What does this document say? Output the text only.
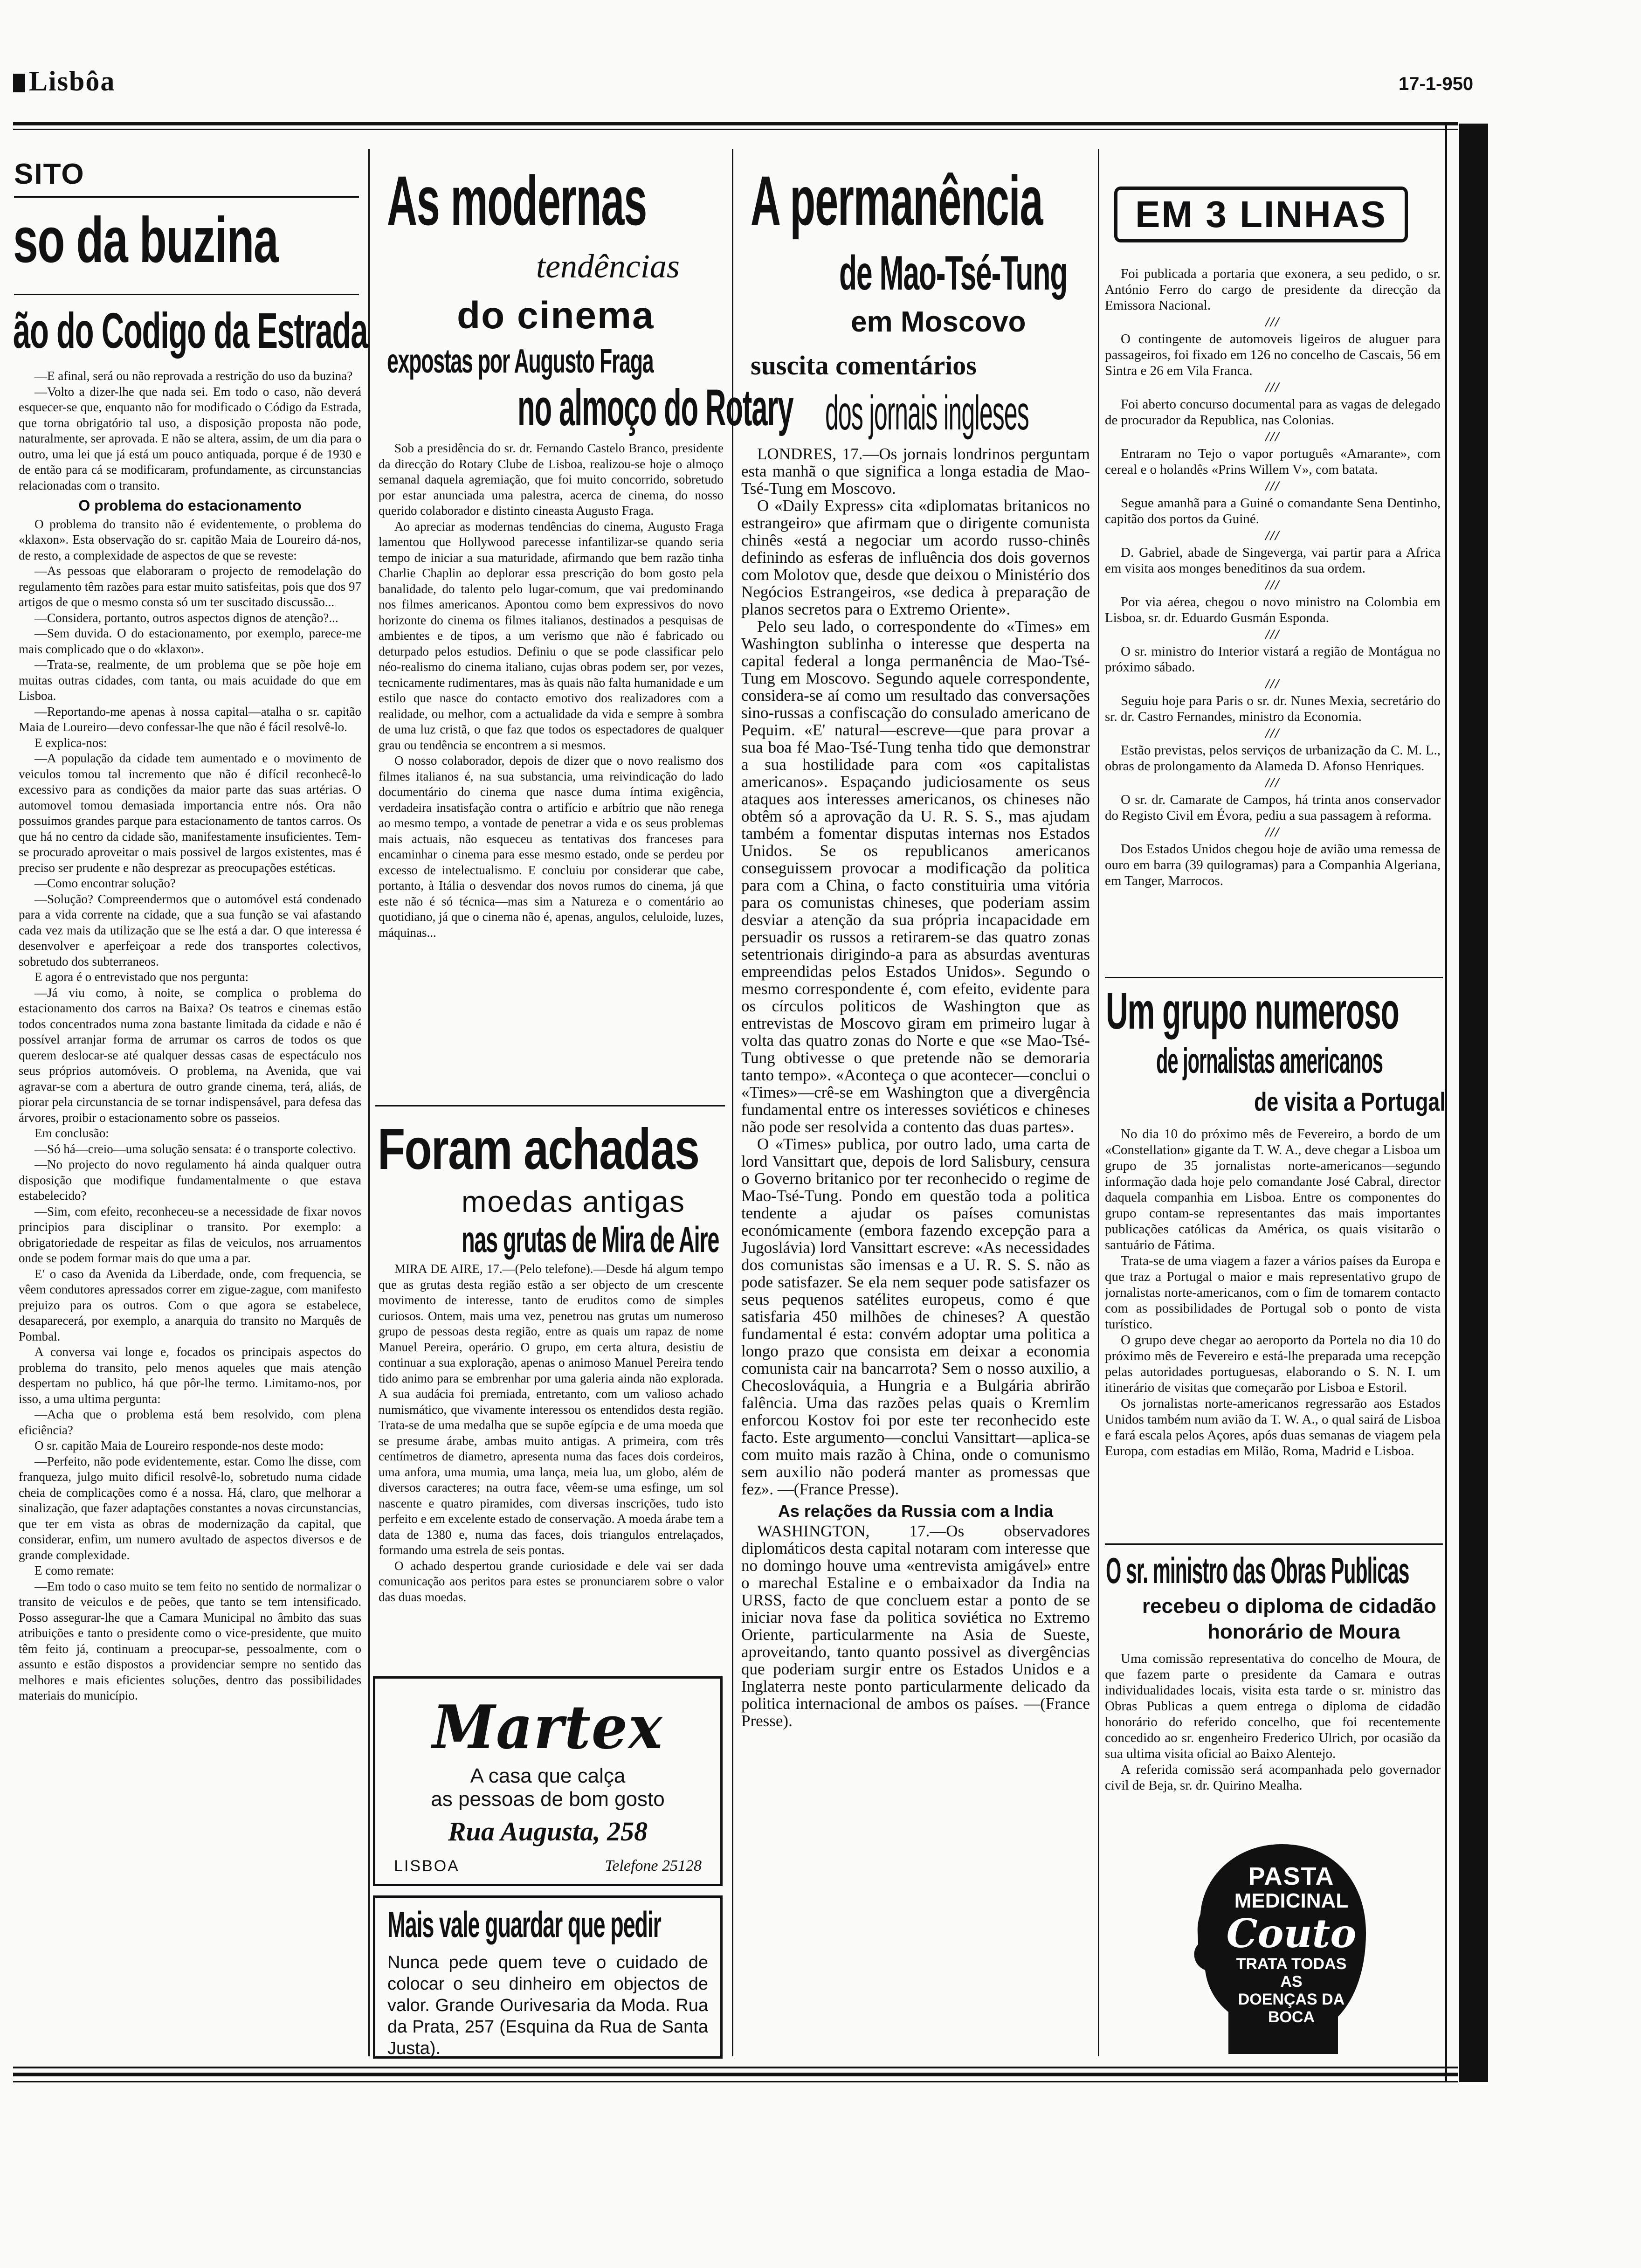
Lisbôa	17-1-950
SITO
so da buzina
ão do Codigo da Estrada

—E afinal, será ou não reprovada a restrição do uso da buzina?

—Volto a dizer-lhe que nada sei. Em todo o caso, não deverá esquecer-se que, enquanto não for modificado o Código da Estrada, que torna obrigatório tal uso, a disposição proposta não pode, naturalmente, ser aprovada. E não se altera, assim, de um dia para o outro, uma lei que já está um pouco antiquada, porque é de 1930 e de então para cá se modificaram, profundamente, as circunstancias relacionadas com o transito.

O problema do estacionamento

O problema do transito não é evidentemente, o problema do «klaxon». Esta observação do sr. capitão Maia de Loureiro dá-nos, de resto, a complexidade de aspectos de que se reveste:

—As pessoas que elaboraram o projecto de remodelação do regulamento têm razões para estar muito satisfeitas, pois que dos 97 artigos de que o mesmo consta só um ter suscitado discussão...

—Considera, portanto, outros aspectos dignos de atenção?...

—Sem duvida. O do estacionamento, por exemplo, parece-me mais complicado que o do «klaxon».

—Trata-se, realmente, de um problema que se põe hoje em muitas outras cidades, com tanta, ou mais acuidade do que em Lisboa.

—Reportando-me apenas à nossa capital—atalha o sr. capitão Maia de Loureiro—devo confessar-lhe que não é fácil resolvê-lo.

E explica-nos:

—A população da cidade tem aumentado e o movimento de veiculos tomou tal incremento que não é difícil reconhecê-lo excessivo para as condições da maior parte das suas artérias. O automovel tomou demasiada importancia entre nós. Ora não possuimos grandes parque para estacionamento de tantos carros. Os que há no centro da cidade são, manifestamente insuficientes. Tem-se procurado aproveitar o mais possivel de largos existentes, mas é preciso ser prudente e não desprezar as preocupações estéticas.

—Como encontrar solução?

—Solução? Compreendermos que o automóvel está condenado para a vida corrente na cidade, que a sua função se vai afastando cada vez mais da utilização que se lhe está a dar. O que interessa é desenvolver e aperfeiçoar a rede dos transportes colectivos, sobretudo dos subterraneos.

E agora é o entrevistado que nos pergunta:

—Já viu como, à noite, se complica o problema do estacionamento dos carros na Baixa? Os teatros e cinemas estão todos concentrados numa zona bastante limitada da cidade e não é possível arranjar forma de arrumar os carros de todos os que querem deslocar-se até qualquer dessas casas de espectáculo nos seus próprios automóveis. O problema, na Avenida, que vai agravar-se com a abertura de outro grande cinema, terá, aliás, de piorar pela circunstancia de se tornar indispensável, para defesa das árvores, proibir o estacionamento sobre os passeios.

Em conclusão:

—Só há—creio—uma solução sensata: é o transporte colectivo.

—No projecto do novo regulamento há ainda qualquer outra disposição que modifique fundamentalmente o que estava estabelecido?

—Sim, com efeito, reconheceu-se a necessidade de fixar novos principios para disciplinar o transito. Por exemplo: a obrigatoriedade de respeitar as filas de veiculos, nos arruamentos onde se podem formar mais do que uma a par.

E' o caso da Avenida da Liberdade, onde, com frequencia, se vêem condutores apressados correr em zigue-zague, com manifesto prejuizo para os outros. Com o que agora se estabelece, desaparecerá, por exemplo, a anarquia do transito no Marquês de Pombal.

A conversa vai longe e, focados os principais aspectos do problema do transito, pelo menos aqueles que mais atenção despertam no publico, há que pôr-lhe termo. Limitamo-nos, por isso, a uma ultima pergunta:

—Acha que o problema está bem resolvido, com plena eficiência?

O sr. capitão Maia de Loureiro responde-nos deste modo:

—Perfeito, não pode evidentemente, estar. Como lhe disse, com franqueza, julgo muito dificil resolvê-lo, sobretudo numa cidade cheia de complicações como é a nossa. Há, claro, que melhorar a sinalização, que fazer adaptações constantes a novas circunstancias, que ter em vista as obras de modernização da capital, que considerar, enfim, um numero avultado de aspectos diversos e de grande complexidade.

E como remate:

—Em todo o caso muito se tem feito no sentido de normalizar o transito de veiculos e de peões, que tanto se tem intensificado. Posso assegurar-lhe que a Camara Municipal no âmbito das suas atribuições e tanto o presidente como o vice-presidente, que muito têm feito já, continuam a preocupar-se, pessoalmente, com o assunto e estão dispostos a providenciar sempre no sentido das melhores e mais eficientes soluções, dentro das possibilidades materiais do município.

As modernas
tendências
do cinema
expostas por Augusto Fraga
no almoço do Rotary

Sob a presidência do sr. dr. Fernando Castelo Branco, presidente da direcção do Rotary Clube de Lisboa, realizou-se hoje o almoço semanal daquela agremiação, que foi muito concorrido, sobretudo por estar anunciada uma palestra, acerca de cinema, do nosso querido colaborador e distinto cineasta Augusto Fraga.

Ao apreciar as modernas tendências do cinema, Augusto Fraga lamentou que Hollywood parecesse infantilizar-se quando seria tempo de iniciar a sua maturidade, afirmando que bem razão tinha Charlie Chaplin ao deplorar essa prescrição do bom gosto pela banalidade, do talento pelo lugar-comum, que vai predominando nos filmes americanos. Apontou como bem expressivos do novo horizonte do cinema os filmes italianos, destinados a pesquisas de ambientes e de tipos, a um verismo que não é fabricado ou deturpado pelos estudios. Definiu o que se pode classificar pelo néo-realismo do cinema italiano, cujas obras podem ser, por vezes, tecnicamente rudimentares, mas às quais não falta humanidade e um estilo que nasce do contacto emotivo dos realizadores com a realidade, ou melhor, com a actualidade da vida e sempre à sombra de uma luz cristã, o que faz que todos os espectadores de qualquer grau ou tendência se encontrem a si mesmos.

O nosso colaborador, depois de dizer que o novo realismo dos filmes italianos é, na sua substancia, uma reivindicação do lado documentário do cinema que nasce duma íntima exigência, verdadeira insatisfação contra o artifício e arbítrio que não renega ao mesmo tempo, a vontade de penetrar a vida e os seus problemas mais actuais, não esqueceu as tentativas dos franceses para encaminhar o cinema para esse mesmo estado, onde se perdeu por excesso de intelectualismo. E concluiu por considerar que cabe, portanto, à Itália o desvendar dos novos rumos do cinema, já que este não é só técnica—mas sim a Natureza e o comentário ao quotidiano, já que o cinema não é, apenas, angulos, celuloide, luzes, máquinas...

Foram achadas
moedas antigas
nas grutas de Mira de Aire

MIRA DE AIRE, 17.—(Pelo telefone).—Desde há algum tempo que as grutas desta região estão a ser objecto de um crescente movimento de interesse, tanto de eruditos como de simples curiosos. Ontem, mais uma vez, penetrou nas grutas um numeroso grupo de pessoas desta região, entre as quais um rapaz de nome Manuel Pereira, operário. O grupo, em certa altura, desistiu de continuar a sua exploração, apenas o animoso Manuel Pereira tendo tido animo para se embrenhar por uma galeria ainda não explorada. A sua audácia foi premiada, entretanto, com um valioso achado numismático, que vivamente interessou os entendidos desta região. Trata-se de uma medalha que se supõe egípcia e de uma moeda que se presume árabe, ambas muito antigas. A primeira, com três centímetros de diametro, apresenta numa das faces dois cordeiros, uma anfora, uma mumia, uma lança, meia lua, um globo, além de diversos caracteres; na outra face, vêem-se uma esfinge, um sol nascente e quatro piramides, com diversas inscrições, tudo isto perfeito e em excelente estado de conservação. A moeda árabe tem a data de 1380 e, numa das faces, dois triangulos entrelaçados, formando uma estrela de seis pontas.

O achado despertou grande curiosidade e dele vai ser dada comunicação aos peritos para estes se pronunciarem sobre o valor das duas moedas.

Martex
A casa que calça
as pessoas de bom gosto
Rua Augusta, 258
LISBOA	Telefone 25128
Mais vale guardar que pedir
Nunca pede quem teve o cuidado de colocar o seu dinheiro em objectos de valor. Grande Ourivesaria da Moda. Rua da Prata, 257 (Esquina da Rua de Santa Justa).
A permanência
de Mao-Tsé-Tung
em Moscovo
suscita comentários
dos jornais ingleses

LONDRES, 17.—Os jornais londrinos perguntam esta manhã o que significa a longa estadia de Mao-Tsé-Tung em Moscovo.

O «Daily Express» cita «diplomatas britanicos no estrangeiro» que afirmam que o dirigente comunista chinês «está a negociar um acordo russo-chinês definindo as esferas de influência dos dois governos com Molotov que, desde que deixou o Ministério dos Negócios Estrangeiros, «se dedica à preparação de planos secretos para o Extremo Oriente».

Pelo seu lado, o correspondente do «Times» em Washington sublinha o interesse que desperta na capital federal a longa permanência de Mao-Tsé-Tung em Moscovo. Segundo aquele correspondente, considera-se aí como um resultado das conversações sino-russas a confiscação do consulado americano de Pequim. «E' natural—escreve—que para provar a sua boa fé Mao-Tsé-Tung tenha tido que demonstrar a sua hostilidade para com «os capitalistas americanos». Espaçando judiciosamente os seus ataques aos interesses americanos, os chineses não obtêm só a aprovação da U. R. S. S., mas ajudam também a fomentar disputas internas nos Estados Unidos. Se os republicanos americanos conseguissem provocar a modificação da politica para com a China, o facto constituiria uma vitória para os comunistas chineses, que poderiam assim desviar a atenção da sua própria incapacidade em persuadir os russos a retirarem-se das quatro zonas setentrionais dirigindo-a para as absurdas aventuras empreendidas pelos Estados Unidos». Segundo o mesmo correspondente é, com efeito, evidente para os círculos politicos de Washington que as entrevistas de Moscovo giram em primeiro lugar à volta das quatro zonas do Norte e que «se Mao-Tsé-Tung obtivesse o que pretende não se demoraria tanto tempo». «Aconteça o que acontecer—conclui o «Times»—crê-se em Washington que a divergência fundamental entre os interesses soviéticos e chineses não pode ser resolvida a contento das duas partes».

O «Times» publica, por outro lado, uma carta de lord Vansittart que, depois de lord Salisbury, censura o Governo britanico por ter reconhecido o regime de Mao-Tsé-Tung. Pondo em questão toda a politica tendente a ajudar os países comunistas económicamente (embora fazendo excepção para a Jugoslávia) lord Vansittart escreve: «As necessidades dos comunistas são imensas e a U. R. S. S. não as pode satisfazer. Se ela nem sequer pode satisfazer os seus pequenos satélites europeus, como é que satisfaria 450 milhões de chineses? A questão fundamental é esta: convém adoptar uma politica a longo prazo que consista em deixar a economia comunista cair na bancarrota? Sem o nosso auxilio, a Checoslováquia, a Hungria e a Bulgária abrirão falência. Uma das razões pelas quais o Kremlim enforcou Kostov foi por este ter reconhecido este facto. Este argumento—conclui Vansittart—aplica-se com muito mais razão à China, onde o comunismo sem auxilio não poderá manter as promessas que fez». —(France Presse).

As relações da Russia com a India

WASHINGTON, 17.—Os observadores diplomáticos desta capital notaram com interesse que no domingo houve uma «entrevista amigável» entre o marechal Estaline e o embaixador da India na URSS, facto de que concluem estar a ponto de se iniciar nova fase da politica soviética no Extremo Oriente, particularmente na Asia de Sueste, aproveitando, tanto quanto possivel as divergências que poderiam surgir entre os Estados Unidos e a Inglaterra neste ponto particularmente delicado da politica internacional de ambos os países. —(France Presse).

EM 3 LINHAS

Foi publicada a portaria que exonera, a seu pedido, o sr. António Ferro do cargo de presidente da direcção da Emissora Nacional.

///

O contingente de automoveis ligeiros de aluguer para passageiros, foi fixado em 126 no concelho de Cascais, 56 em Sintra e 26 em Vila Franca.

///

Foi aberto concurso documental para as vagas de delegado de procurador da Republica, nas Colonias.

///

Entraram no Tejo o vapor português «Amarante», com cereal e o holandês «Prins Willem V», com batata.

///

Segue amanhã para a Guiné o comandante Sena Dentinho, capitão dos portos da Guiné.

///

D. Gabriel, abade de Singeverga, vai partir para a Africa em visita aos monges beneditinos da sua ordem.

///

Por via aérea, chegou o novo ministro na Colombia em Lisboa, sr. dr. Eduardo Gusmán Esponda.

///

O sr. ministro do Interior vistará a região de Montágua no próximo sábado.

///

Seguiu hoje para Paris o sr. dr. Nunes Mexia, secretário do sr. dr. Castro Fernandes, ministro da Economia.

///

Estão previstas, pelos serviços de urbanização da C. M. L., obras de prolongamento da Alameda D. Afonso Henriques.

///

O sr. dr. Camarate de Campos, há trinta anos conservador do Registo Civil em Évora, pediu a sua passagem à reforma.

///

Dos Estados Unidos chegou hoje de avião uma remessa de ouro em barra (39 quilogramas) para a Companhia Algeriana, em Tanger, Marrocos.

Um grupo numeroso
de jornalistas americanos
de visita a Portugal

No dia 10 do próximo mês de Fevereiro, a bordo de um «Constellation» gigante da T. W. A., deve chegar a Lisboa um grupo de 35 jornalistas norte-americanos—segundo informação dada hoje pelo comandante José Cabral, director daquela companhia em Lisboa. Entre os componentes do grupo contam-se representantes das mais importantes publicações católicas da América, os quais visitarão o santuário de Fátima.

Trata-se de uma viagem a fazer a vários países da Europa e que traz a Portugal o maior e mais representativo grupo de jornalistas norte-americanos, com o fim de tomarem contacto com as possibilidades de Portugal sob o ponto de vista turístico.

O grupo deve chegar ao aeroporto da Portela no dia 10 do próximo mês de Fevereiro e está-lhe preparada uma recepção pelas autoridades portuguesas, elaborando o S. N. I. um itinerário de visitas que começarão por Lisboa e Estoril.

Os jornalistas norte-americanos regressarão aos Estados Unidos também num avião da T. W. A., o qual sairá de Lisboa e fará escala pelos Açores, após duas semanas de viagem pela Europa, com estadias em Milão, Roma, Madrid e Lisboa.

O sr. ministro das Obras Publicas
recebeu o diploma de cidadão
honorário de Moura

Uma comissão representativa do concelho de Moura, de que fazem parte o presidente da Camara e outras individualidades locais, visita esta tarde o sr. ministro das Obras Publicas a quem entrega o diploma de cidadão honorário do referido concelho, que foi recentemente concedido ao sr. engenheiro Frederico Ulrich, por ocasião da sua ultima visita oficial ao Baixo Alentejo.

A referida comissão será acompanhada pelo governador civil de Beja, sr. dr. Quirino Mealha.

PASTA
MEDICINAL
Couto
TRATA TODAS
AS
DOENÇAS DA
BOCA
